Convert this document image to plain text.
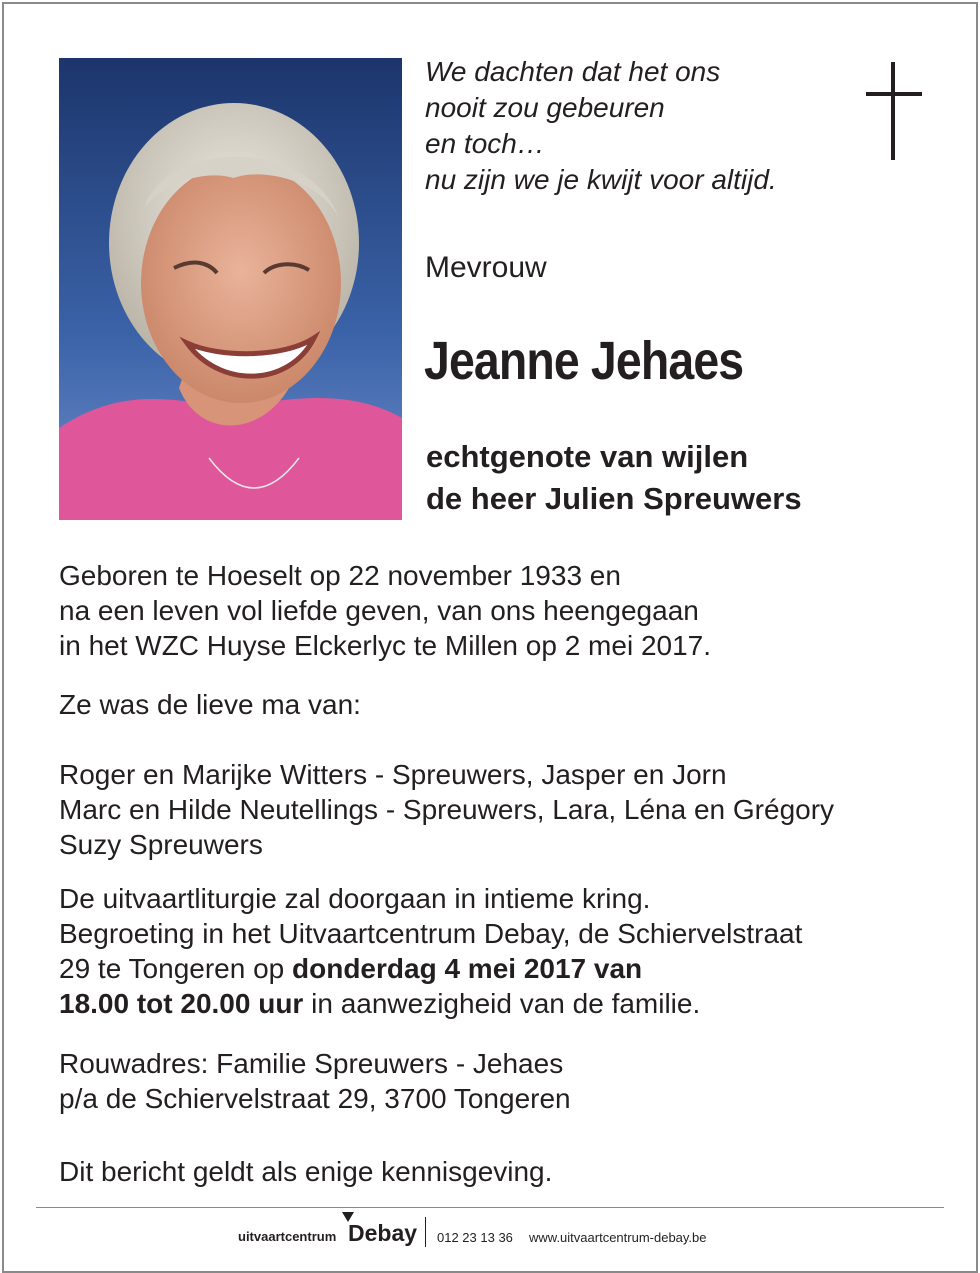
We dachten dat het ons
nooit zou gebeuren
en toch…
nu zijn we je kwijt voor altijd.
Mevrouw
Jeanne Jehaes
echtgenote van wijlen
de heer Julien Spreuwers
Geboren te Hoeselt op 22 november 1933 en
na een leven vol liefde geven, van ons heengegaan
in het WZC Huyse Elckerlyc te Millen op 2 mei 2017.
Ze was de lieve ma van:
Roger en Marijke Witters - Spreuwers, Jasper en Jorn
Marc en Hilde Neutellings - Spreuwers, Lara, Léna en Grégory
Suzy Spreuwers
De uitvaartliturgie zal doorgaan in intieme kring.
Begroeting in het Uitvaartcentrum Debay, de Schiervelstraat
29 te Tongeren op donderdag 4 mei 2017 van
18.00 tot 20.00 uur in aanwezigheid van de familie.
Rouwadres: Familie Spreuwers - Jehaes
p/a de Schiervelstraat 29, 3700 Tongeren
Dit bericht geldt als enige kennisgeving.
uitvaartcentrum Debay 012 23 13 36 www.uitvaartcentrum-debay.be
